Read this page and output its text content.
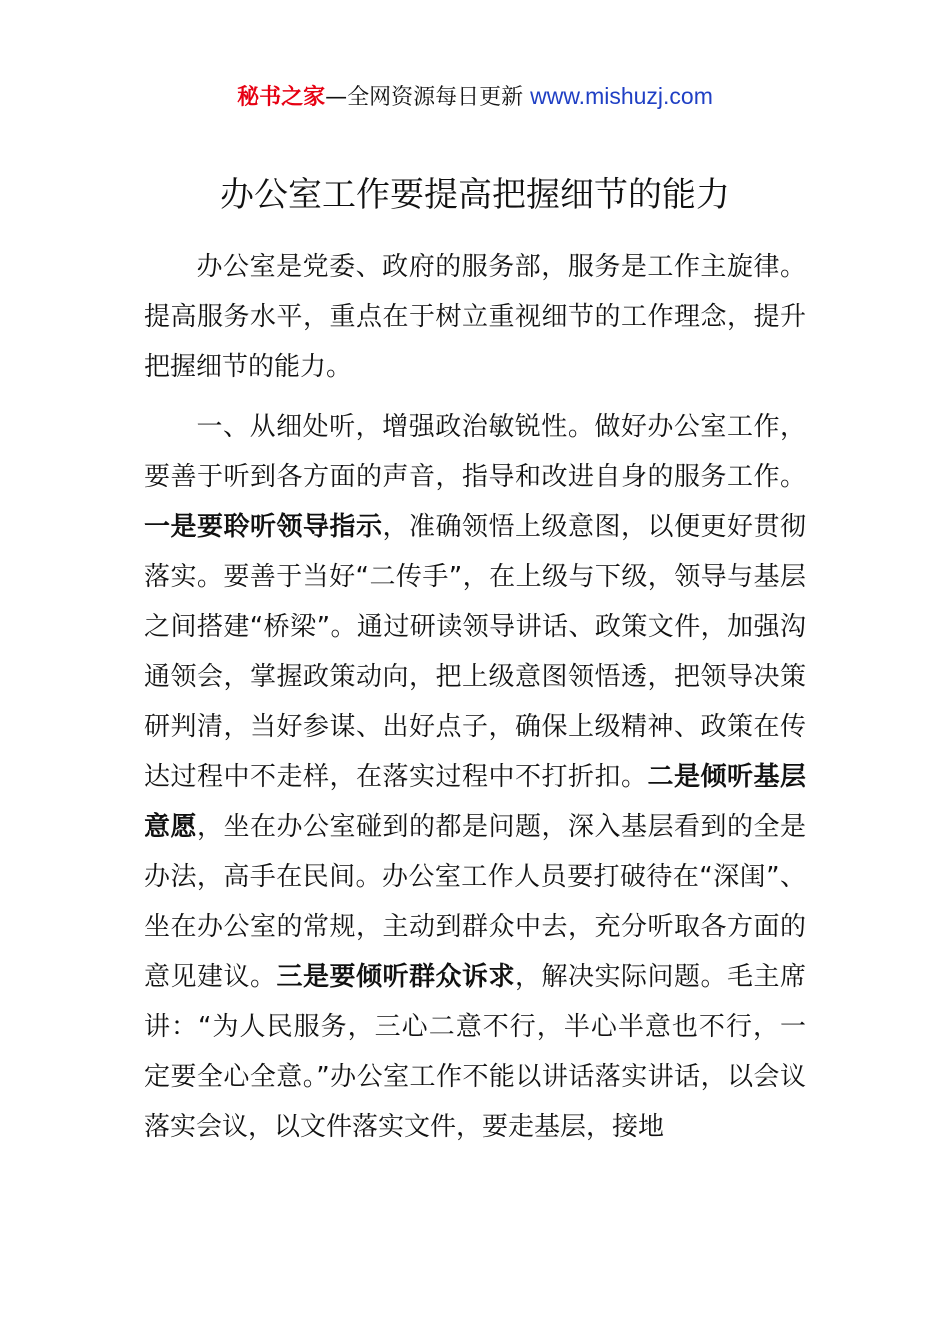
秘书之家—全网资源每日更新 www.mishuzj.com
办公室工作要提高把握细节的能力

办公室是党委、政府的服务部，服务是工作主旋律。提高服务水平，重点在于树立重视细节的工作理念，提升把握细节的能力。

一、从细处听，增强政治敏锐性。做好办公室工作，要善于听到各方面的声音，指导和改进自身的服务工作。一是要聆听领导指示，准确领悟上级意图，以便更好贯彻落实。要善于当好“二传手”，在上级与下级，领导与基层之间搭建“桥梁”。通过研读领导讲话、政策文件，加强沟通领会，掌握政策动向，把上级意图领悟透，把领导决策研判清，当好参谋、出好点子，确保上级精神、政策在传达过程中不走样，在落实过程中不打折扣。二是倾听基层意愿，坐在办公室碰到的都是问题，深入基层看到的全是办法，高手在民间。办公室工作人员要打破待在“深闺”、坐在办公室的常规，主动到群众中去，充分听取各方面的意见建议。三是要倾听群众诉求，解决实际问题。毛主席讲：“为人民服务，三心二意不行，半心半意也不行，一定要全心全意。”办公室工作不能以讲话落实讲话，以会议落实会议，以文件落实文件，要走基层，接地
